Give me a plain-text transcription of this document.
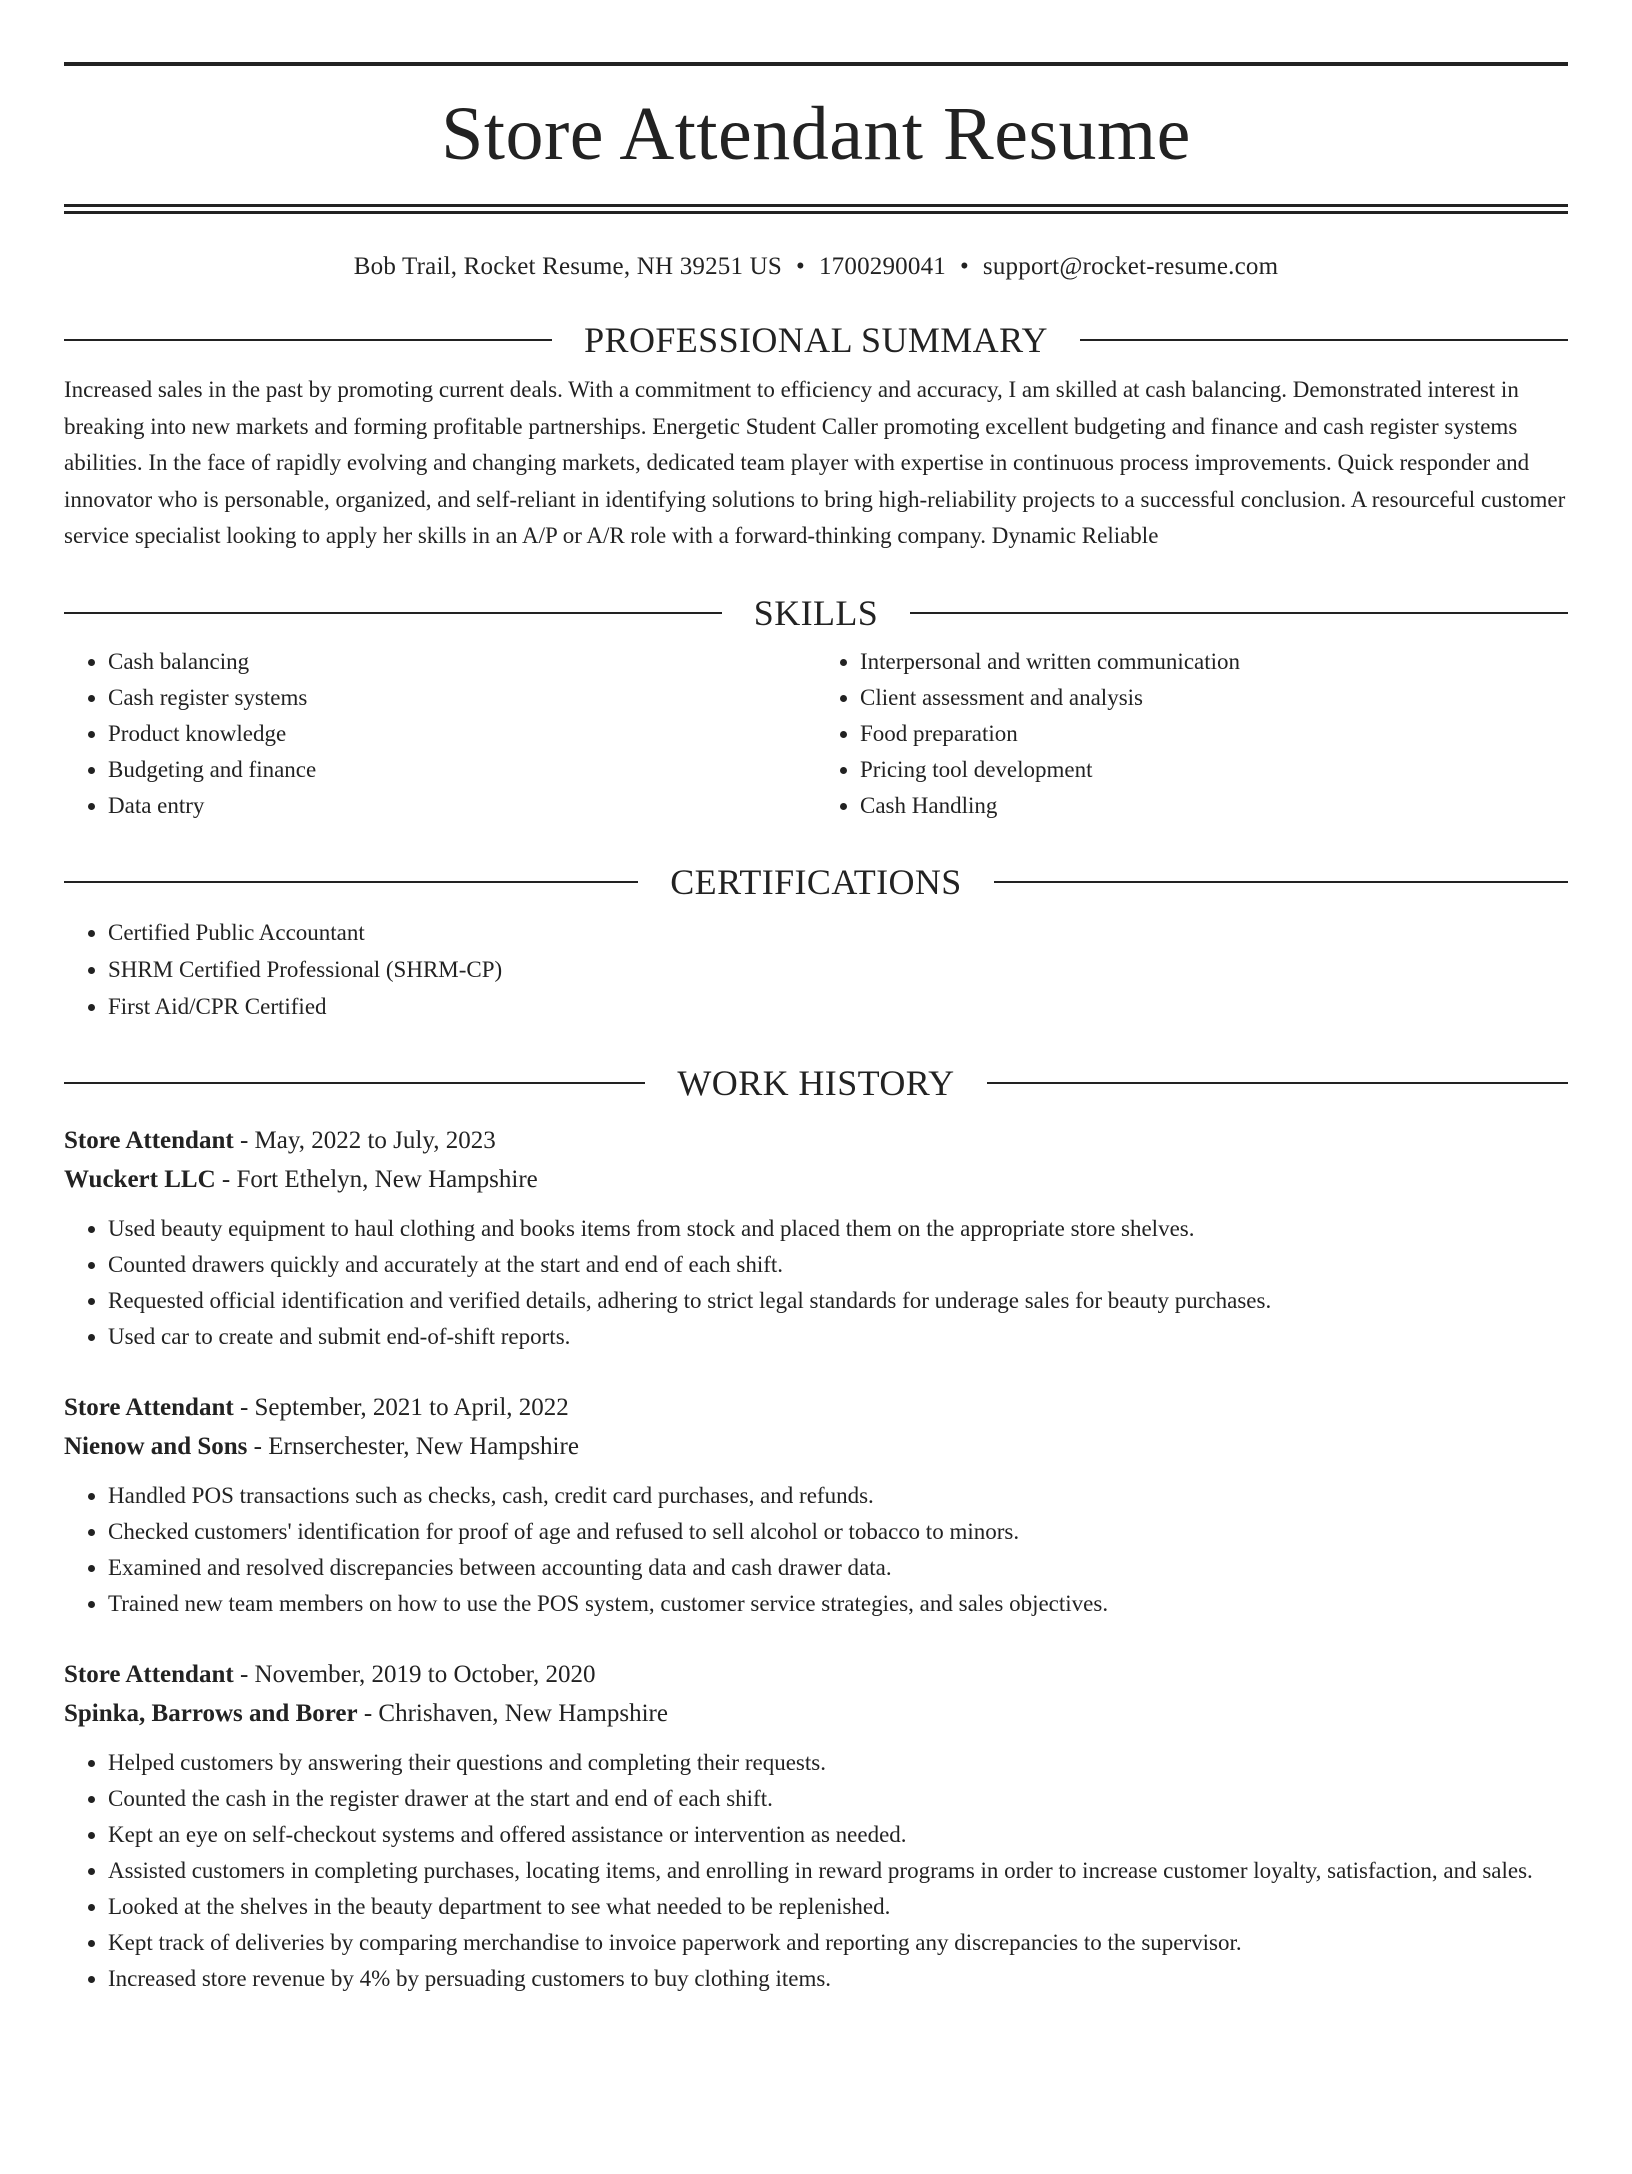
Store Attendant Resume
Bob Trail, Rocket Resume, NH 39251 US • 1700290041 • support@rocket-resume.com
PROFESSIONAL SUMMARY
Increased sales in the past by promoting current deals. With a commitment to efficiency and accuracy, I am skilled at cash balancing. Demonstrated interest in breaking into new markets and forming profitable partnerships. Energetic Student Caller promoting excellent budgeting and finance and cash register systems abilities. In the face of rapidly evolving and changing markets, dedicated team player with expertise in continuous process improvements. Quick responder and innovator who is personable, organized, and self-reliant in identifying solutions to bring high-reliability projects to a successful conclusion. A resourceful customer service specialist looking to apply her skills in an A/P or A/R role with a forward-thinking company. Dynamic Reliable
SKILLS
• Cash balancing
• Cash register systems
• Product knowledge
• Budgeting and finance
• Data entry
• Interpersonal and written communication
• Client assessment and analysis
• Food preparation
• Pricing tool development
• Cash Handling
CERTIFICATIONS
• Certified Public Accountant
• SHRM Certified Professional (SHRM-CP)
• First Aid/CPR Certified
WORK HISTORY
Store Attendant - May, 2022 to July, 2023
Wuckert LLC - Fort Ethelyn, New Hampshire
• Used beauty equipment to haul clothing and books items from stock and placed them on the appropriate store shelves.
• Counted drawers quickly and accurately at the start and end of each shift.
• Requested official identification and verified details, adhering to strict legal standards for underage sales for beauty purchases.
• Used car to create and submit end-of-shift reports.
Store Attendant - September, 2021 to April, 2022
Nienow and Sons - Ernserchester, New Hampshire
• Handled POS transactions such as checks, cash, credit card purchases, and refunds.
• Checked customers' identification for proof of age and refused to sell alcohol or tobacco to minors.
• Examined and resolved discrepancies between accounting data and cash drawer data.
• Trained new team members on how to use the POS system, customer service strategies, and sales objectives.
Store Attendant - November, 2019 to October, 2020
Spinka, Barrows and Borer - Chrishaven, New Hampshire
• Helped customers by answering their questions and completing their requests.
• Counted the cash in the register drawer at the start and end of each shift.
• Kept an eye on self-checkout systems and offered assistance or intervention as needed.
• Assisted customers in completing purchases, locating items, and enrolling in reward programs in order to increase customer loyalty, satisfaction, and sales.
• Looked at the shelves in the beauty department to see what needed to be replenished.
• Kept track of deliveries by comparing merchandise to invoice paperwork and reporting any discrepancies to the supervisor.
• Increased store revenue by 4% by persuading customers to buy clothing items.
